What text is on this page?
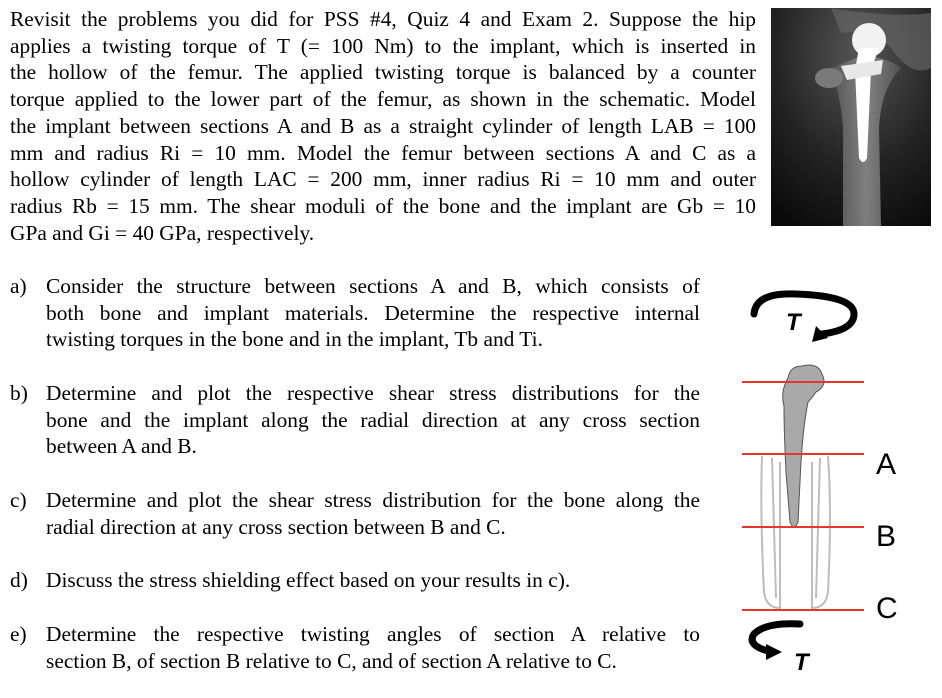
Revisit the problems you did for PSS #4, Quiz 4 and Exam 2. Suppose the hip
applies a twisting torque of T (= 100 Nm) to the implant, which is inserted in
the hollow of the femur. The applied twisting torque is balanced by a counter
torque applied to the lower part of the femur, as shown in the schematic. Model
the implant between sections A and B as a straight cylinder of length LAB = 100
mm and radius Ri = 10 mm. Model the femur between sections A and C as a
hollow cylinder of length LAC = 200 mm, inner radius Ri = 10 mm and outer
radius Rb = 15 mm. The shear moduli of the bone and the implant are Gb = 10
GPa and Gi = 40 GPa, respectively.
a) Consider the structure between sections A and B, which consists of
both bone and implant materials. Determine the respective internal
twisting torques in the bone and in the implant, Tb and Ti.
b) Determine and plot the respective shear stress distributions for the
bone and the implant along the radial direction at any cross section
between A and B.
c) Determine and plot the shear stress distribution for the bone along the
radial direction at any cross section between B and C.
d) Discuss the stress shielding effect based on your results in c).
e) Determine the respective twisting angles of section A relative to
section B, of section B relative to C, and of section A relative to C.
T
A
B
C
T
